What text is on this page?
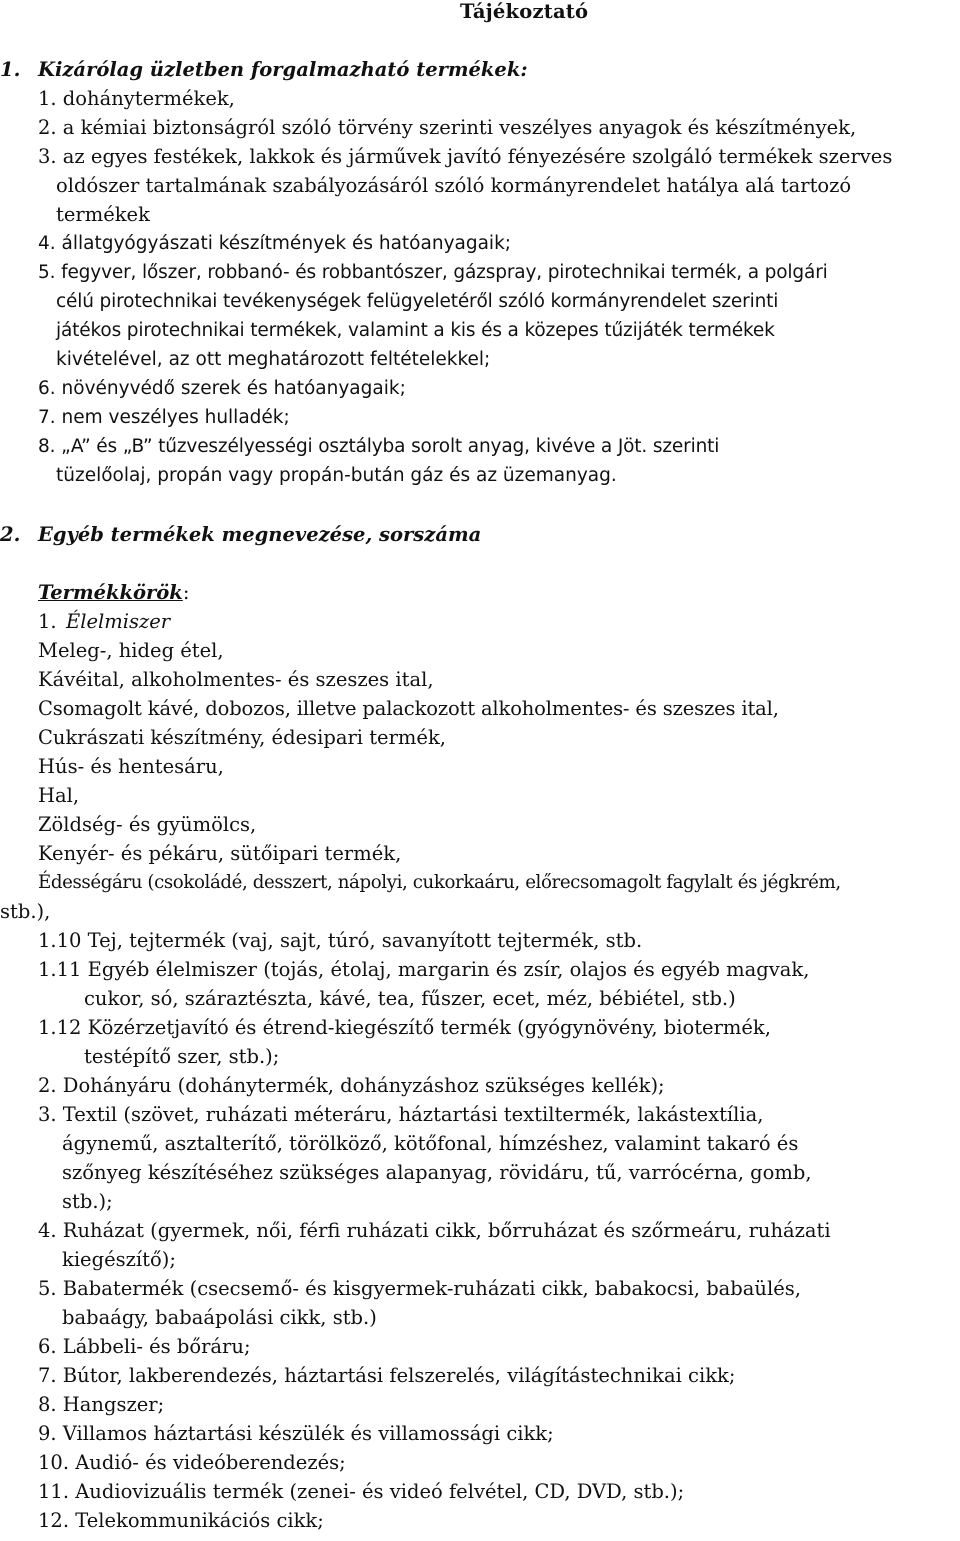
Tájékoztató
1. Kizárólag üzletben forgalmazható termékek:
1. dohánytermékek,
2. a kémiai biztonságról szóló törvény szerinti veszélyes anyagok és készítmények,
3. az egyes festékek, lakkok és járművek javító fényezésére szolgáló termékek szerves
oldószer tartalmának szabályozásáról szóló kormányrendelet hatálya alá tartozó
termékek
4. állatgyógyászati készítmények és hatóanyagaik;
5. fegyver, lőszer, robbanó- és robbantószer, gázspray, pirotechnikai termék, a polgári
célú pirotechnikai tevékenységek felügyeletéről szóló kormányrendelet szerinti
játékos pirotechnikai termékek, valamint a kis és a közepes tűzijáték termékek
kivételével, az ott meghatározott feltételekkel;
6. növényvédő szerek és hatóanyagaik;
7. nem veszélyes hulladék;
8. „A” és „B” tűzveszélyességi osztályba sorolt anyag, kivéve a Jöt. szerinti
tüzelőolaj, propán vagy propán-bután gáz és az üzemanyag.
2. Egyéb termékek megnevezése, sorszáma
Termékkörök:
1. Élelmiszer
Meleg-, hideg étel,
Kávéital, alkoholmentes- és szeszes ital,
Csomagolt kávé, dobozos, illetve palackozott alkoholmentes- és szeszes ital,
Cukrászati készítmény, édesipari termék,
Hús- és hentesáru,
Hal,
Zöldség- és gyümölcs,
Kenyér- és pékáru, sütőipari termék,
Édességáru (csokoládé, desszert, nápolyi, cukorkaáru, előrecsomagolt fagylalt és jégkrém,
stb.),
1.10 Tej, tejtermék (vaj, sajt, túró, savanyított tejtermék, stb.
1.11 Egyéb élelmiszer (tojás, étolaj, margarin és zsír, olajos és egyéb magvak,
cukor, só, száraztészta, kávé, tea, fűszer, ecet, méz, bébiétel, stb.)
1.12 Közérzetjavító és étrend-kiegészítő termék (gyógynövény, biotermék,
testépítő szer, stb.);
2. Dohányáru (dohánytermék, dohányzáshoz szükséges kellék);
3. Textil (szövet, ruházati méteráru, háztartási textiltermék, lakástextília,
ágynemű, asztalterítő, törölköző, kötőfonal, hímzéshez, valamint takaró és
szőnyeg készítéséhez szükséges alapanyag, rövidáru, tű, varrócérna, gomb,
stb.);
4. Ruházat (gyermek, női, férfi ruházati cikk, bőrruházat és szőrmeáru, ruházati
kiegészítő);
5. Babatermék (csecsemő- és kisgyermek-ruházati cikk, babakocsi, babaülés,
babaágy, babaápolási cikk, stb.)
6. Lábbeli- és bőráru;
7. Bútor, lakberendezés, háztartási felszerelés, világítástechnikai cikk;
8. Hangszer;
9. Villamos háztartási készülék és villamossági cikk;
10. Audió- és videóberendezés;
11. Audiovizuális termék (zenei- és videó felvétel, CD, DVD, stb.);
12. Telekommunikációs cikk;
